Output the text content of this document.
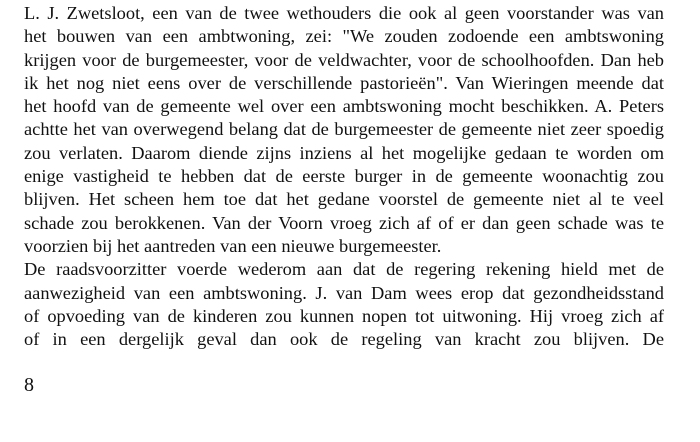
L. J. Zwetsloot, een van de twee wethouders die ook al geen voorstander was van
het bouwen van een ambtwoning, zei: "We zouden zodoende een ambtswoning
krijgen voor de burgemeester, voor de veldwachter, voor de schoolhoofden. Dan heb
ik het nog niet eens over de verschillende pastorieën". Van Wieringen meende dat
het hoofd van de gemeente wel over een ambtswoning mocht beschikken. A. Peters
achtte het van overwegend belang dat de burgemeester de gemeente niet zeer spoedig
zou verlaten. Daarom diende zijns inziens al het mogelijke gedaan te worden om
enige vastigheid te hebben dat de eerste burger in de gemeente woonachtig zou
blijven. Het scheen hem toe dat het gedane voorstel de gemeente niet al te veel
schade zou berokkenen. Van der Voorn vroeg zich af of er dan geen schade was te
voorzien bij het aantreden van een nieuwe burgemeester.
De raadsvoorzitter voerde wederom aan dat de regering rekening hield met de
aanwezigheid van een ambtswoning. J. van Dam wees erop dat gezondheidsstand
of opvoeding van de kinderen zou kunnen nopen tot uitwoning. Hij vroeg zich af
of in een dergelijk geval dan ook de regeling van kracht zou blijven. De
8
